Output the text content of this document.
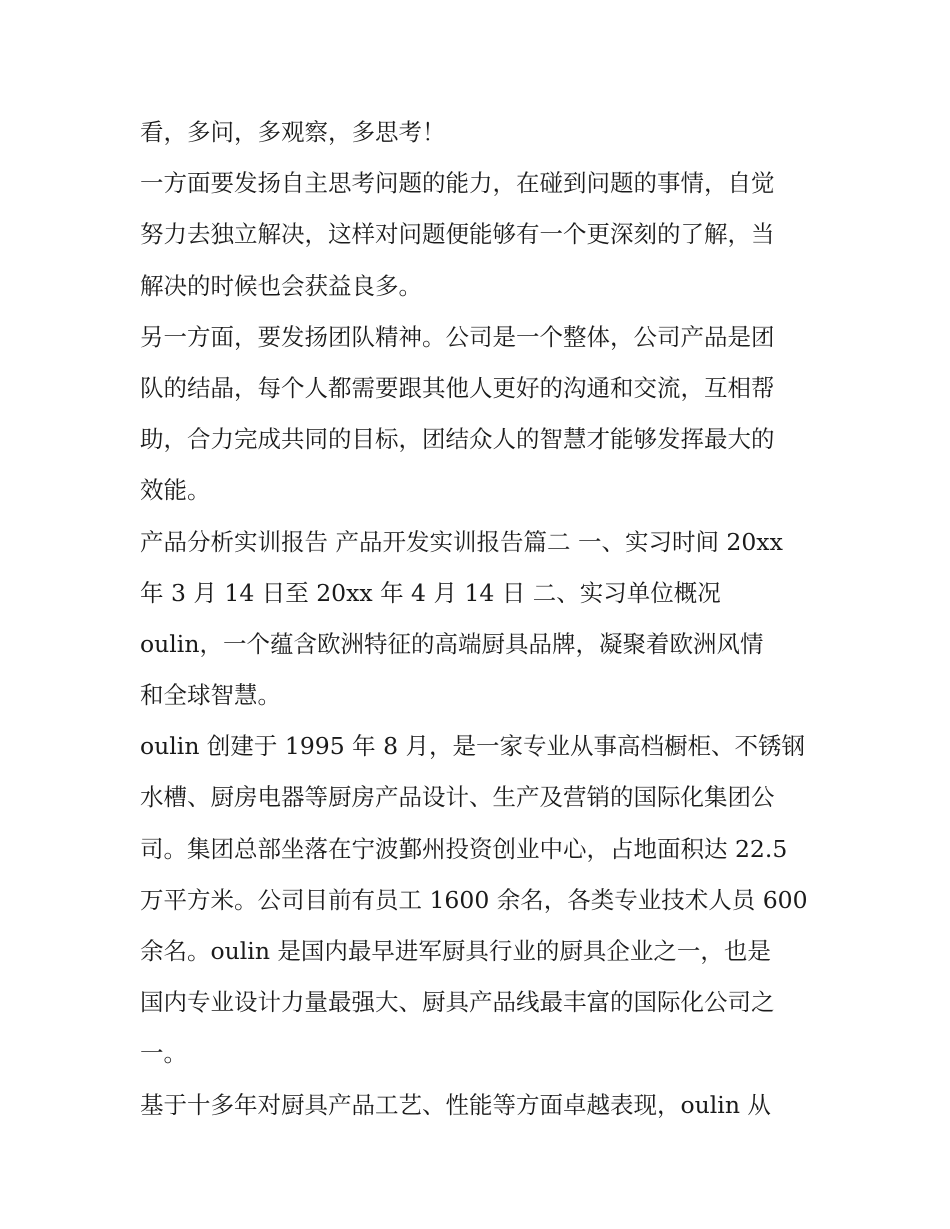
看，多问，多观察，多思考！
一方面要发扬自主思考问题的能力，在碰到问题的事情，自觉
努力去独立解决，这样对问题便能够有一个更深刻的了解，当
解决的时候也会获益良多。
另一方面，要发扬团队精神。公司是一个整体，公司产品是团
队的结晶，每个人都需要跟其他人更好的沟通和交流，互相帮
助，合力完成共同的目标，团结众人的智慧才能够发挥最大的
效能。
产品分析实训报告 产品开发实训报告篇二 一、实习时间 20xx
年 3 月 14 日至 20xx 年 4 月 14 日 二、实习单位概况
oulin，一个蕴含欧洲特征的高端厨具品牌，凝聚着欧洲风情
和全球智慧。
oulin 创建于 1995 年 8 月，是一家专业从事高档橱柜、不锈钢
水槽、厨房电器等厨房产品设计、生产及营销的国际化集团公
司。集团总部坐落在宁波鄞州投资创业中心，占地面积达 22.5
万平方米。公司目前有员工 1600 余名，各类专业技术人员 600
余名。oulin 是国内最早进军厨具行业的厨具企业之一，也是
国内专业设计力量最强大、厨具产品线最丰富的国际化公司之
一。
基于十多年对厨具产品工艺、性能等方面卓越表现，oulin 从
